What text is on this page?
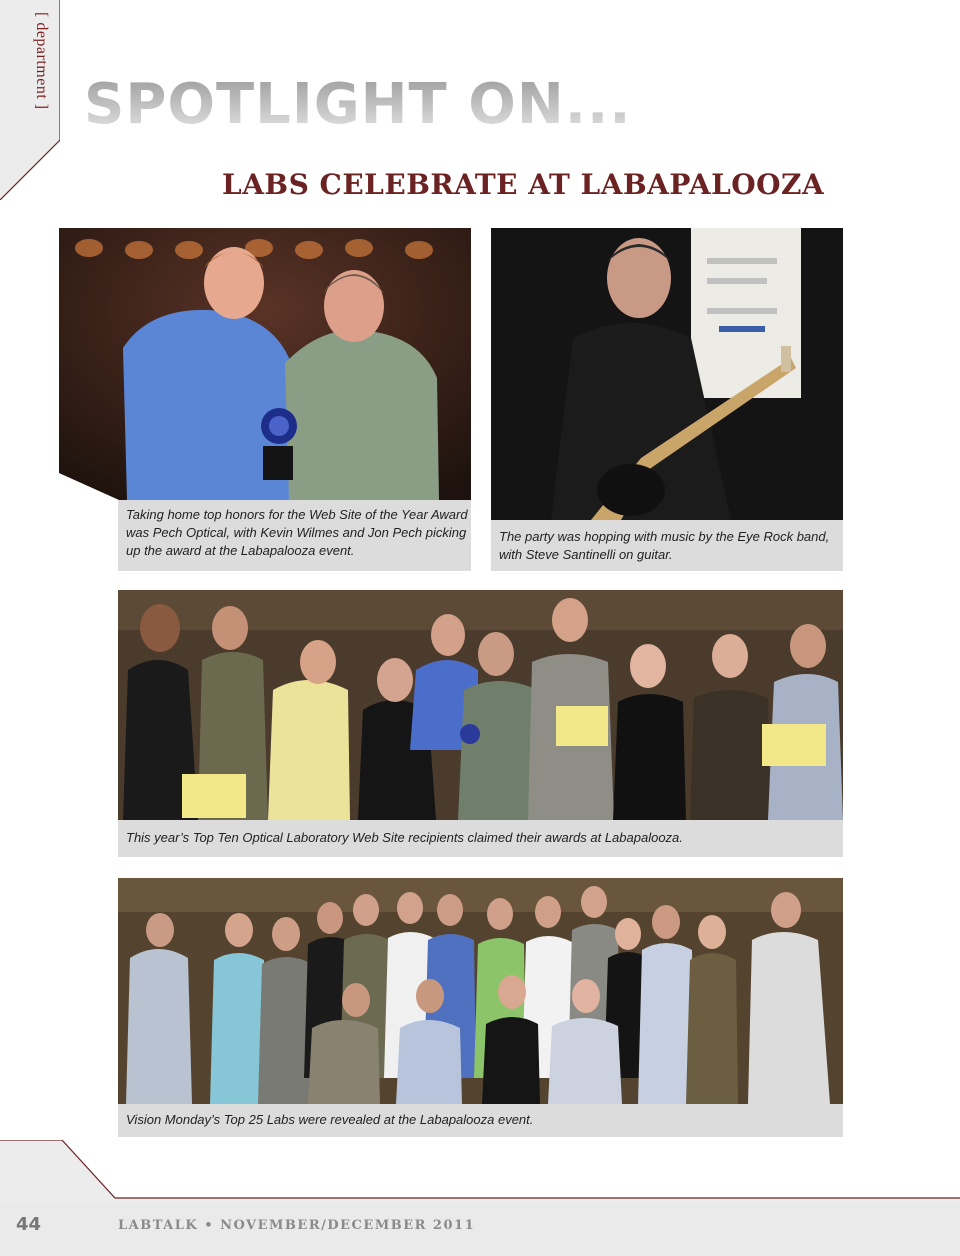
[ department ] SPOTLIGHT ON...
LABS CELEBRATE AT LABAPALOOZA
Taking home top honors for the Web Site of the Year Award
was Pech Optical, with Kevin Wilmes and Jon Pech picking
up the award at the Labapalooza event.
The party was hopping with music by the Eye Rock band,
with Steve Santinelli on guitar.
This year’s Top Ten Optical Laboratory Web Site recipients claimed their awards at Labapalooza.
Vision Monday’s Top 25 Labs were revealed at the Labapalooza event.
44	LABTALK • NOVEMBER/DECEMBER 2011
